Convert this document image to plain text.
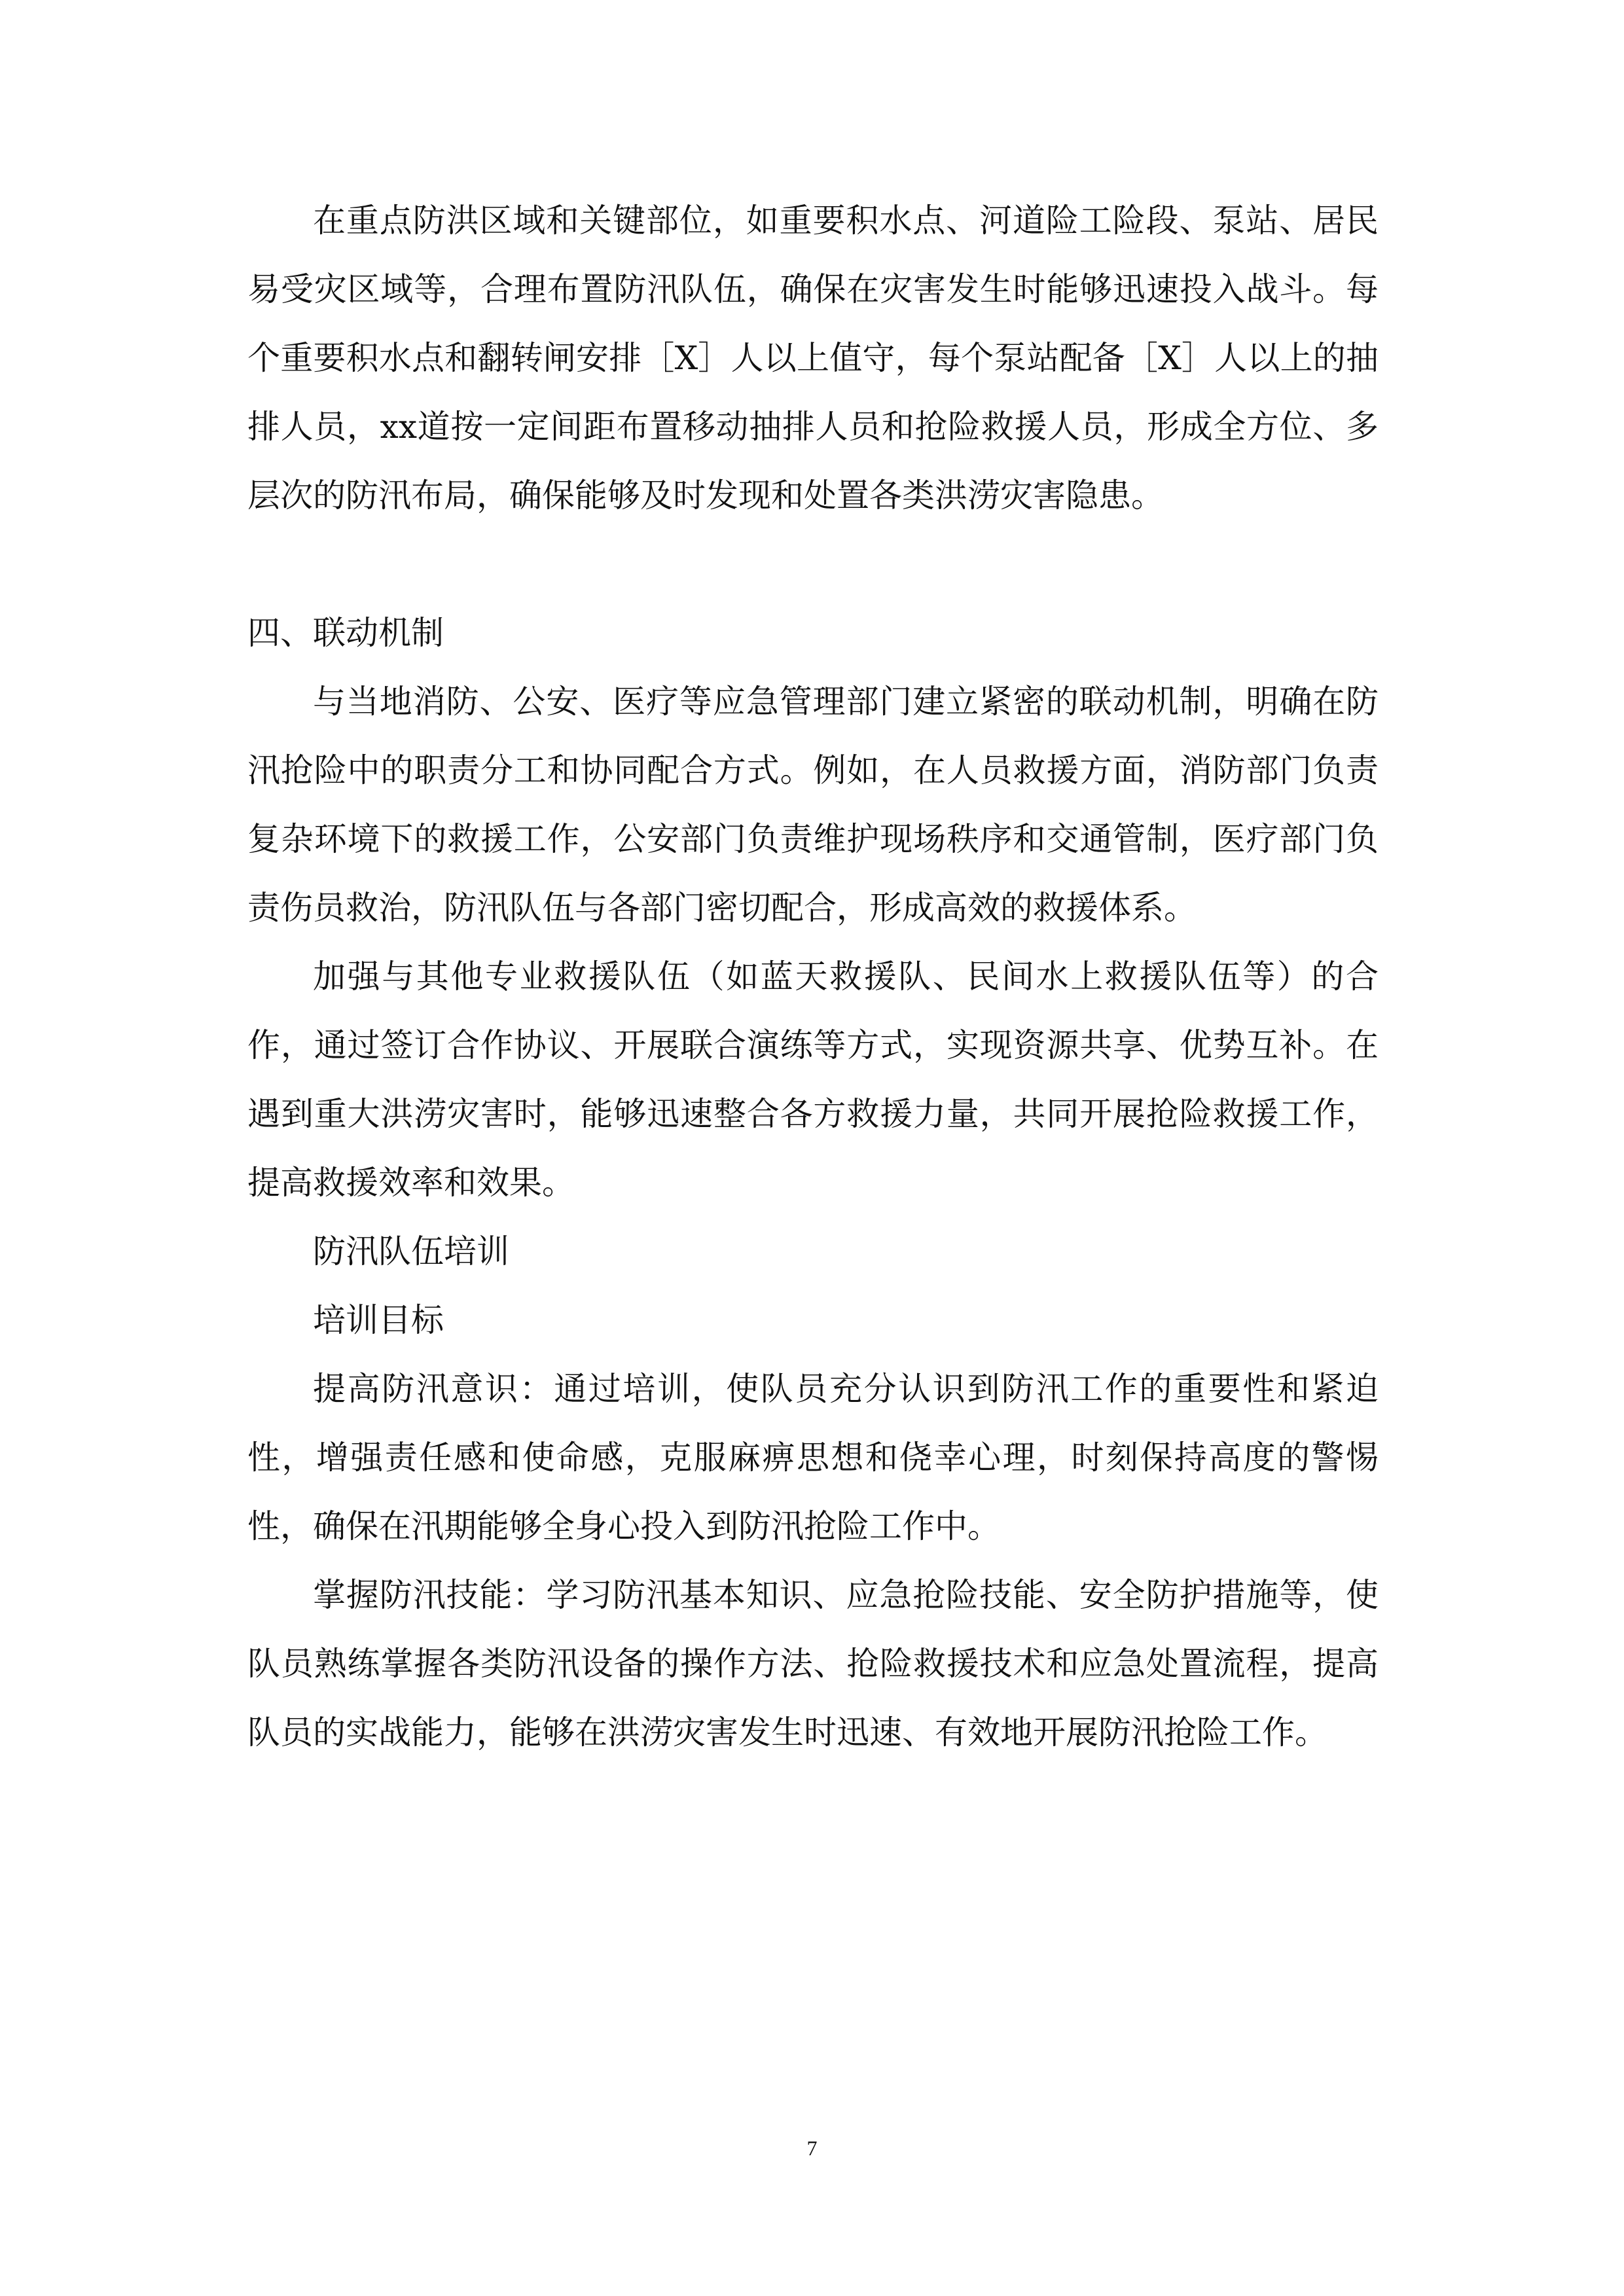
在重点防洪区域和关键部位，如重要积水点、河道险工险段、泵站、居民易受灾区域等，合理布置防汛队伍，确保在灾害发生时能够迅速投入战斗。每个重要积水点和翻转闸安排［X］人以上值守，每个泵站配备［X］人以上的抽排人员，xx道按一定间距布置移动抽排人员和抢险救援人员，形成全方位、多层次的防汛布局，确保能够及时发现和处置各类洪涝灾害隐患。

四、联动机制

与当地消防、公安、医疗等应急管理部门建立紧密的联动机制，明确在防汛抢险中的职责分工和协同配合方式。例如，在人员救援方面，消防部门负责复杂环境下的救援工作，公安部门负责维护现场秩序和交通管制，医疗部门负责伤员救治，防汛队伍与各部门密切配合，形成高效的救援体系。

加强与其他专业救援队伍（如蓝天救援队、民间水上救援队伍等）的合作，通过签订合作协议、开展联合演练等方式，实现资源共享、优势互补。在遇到重大洪涝灾害时，能够迅速整合各方救援力量，共同开展抢险救援工作，提高救援效率和效果。

防汛队伍培训

培训目标

提高防汛意识：通过培训，使队员充分认识到防汛工作的重要性和紧迫性，增强责任感和使命感，克服麻痹思想和侥幸心理，时刻保持高度的警惕性，确保在汛期能够全身心投入到防汛抢险工作中。

掌握防汛技能：学习防汛基本知识、应急抢险技能、安全防护措施等，使队员熟练掌握各类防汛设备的操作方法、抢险救援技术和应急处置流程，提高队员的实战能力，能够在洪涝灾害发生时迅速、有效地开展防汛抢险工作。

7
